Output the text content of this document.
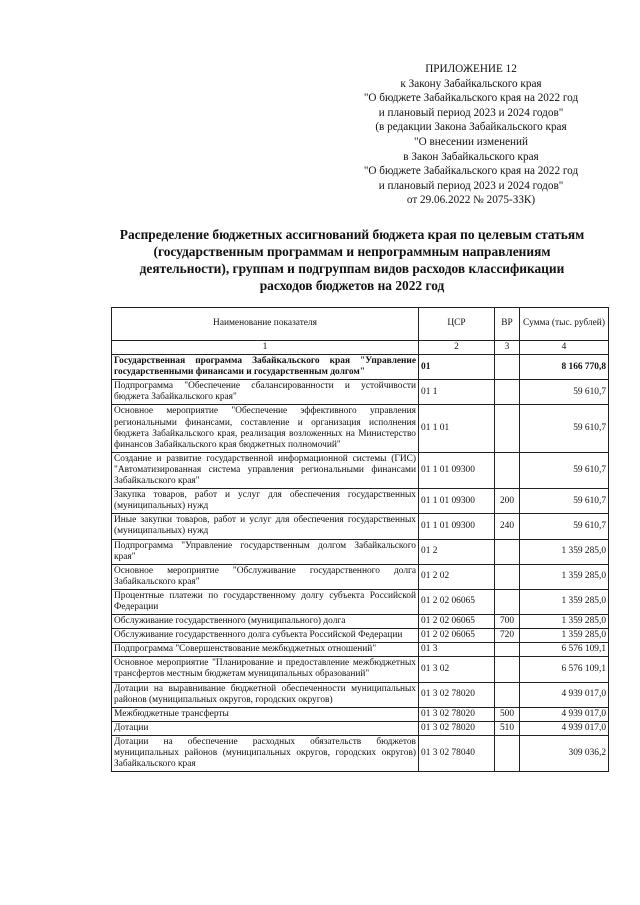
ПРИЛОЖЕНИЕ 12
к Закону Забайкальского края
"О бюджете Забайкальского края на 2022 год
и плановый период 2023 и 2024 годов"
(в редакции Закона Забайкальского края
"О внесении изменений
в Закон Забайкальского края
"О бюджете Забайкальского края на 2022 год
и плановый период 2023 и 2024 годов"
от 29.06.2022 № 2075-ЗЗК)
Распределение бюджетных ассигнований бюджета края по целевым статьям
(государственным программам и непрограммным направлениям
деятельности), группам и подгруппам видов расходов классификации
расходов бюджетов на 2022 год
Наименование показателя	ЦСР	ВР	Сумма (тыс. рублей)
1	2	3	4
Государственная программа Забайкальского края "Управление государственными финансами и государственным долгом"	01		8 166 770,8
Подпрограмма "Обеспечение сбалансированности и устойчивости бюджета Забайкальского края"	01 1		59 610,7
Основное мероприятие "Обеспечение эффективного управления региональными финансами, составление и организация исполнения бюджета Забайкальского края, реализация возложенных на Министерство финансов Забайкальского края бюджетных полномочий"	01 1 01		59 610,7
Создание и развитие государственной информационной системы (ГИС) "Автоматизированная система управления региональными финансами Забайкальского края"	01 1 01 09300		59 610,7
Закупка товаров, работ и услуг для обеспечения государственных (муниципальных) нужд	01 1 01 09300	200	59 610,7
Иные закупки товаров, работ и услуг для обеспечения государственных (муниципальных) нужд	01 1 01 09300	240	59 610,7
Подпрограмма "Управление государственным долгом Забайкальского края"	01 2		1 359 285,0
Основное мероприятие "Обслуживание государственного долга Забайкальского края"	01 2 02		1 359 285,0
Процентные платежи по государственному долгу субъекта Российской Федерации	01 2 02 06065		1 359 285,0
Обслуживание государственного (муниципального) долга	01 2 02 06065	700	1 359 285,0
Обслуживание государственного долга субъекта Российской Федерации	01 2 02 06065	720	1 359 285,0
Подпрограмма "Совершенствование межбюджетных отношений"	01 3		6 576 109,1
Основное мероприятие "Планирование и предоставление межбюджетных трансфертов местным бюджетам муниципальных образований"	01 3 02		6 576 109,1
Дотации на выравнивание бюджетной обеспеченности муниципальных районов (муниципальных округов, городских округов)	01 3 02 78020		4 939 017,0
Межбюджетные трансферты	01 3 02 78020	500	4 939 017,0
Дотации	01 3 02 78020	510	4 939 017,0
Дотации на обеспечение расходных обязательств бюджетов муниципальных районов (муниципальных округов, городских округов) Забайкальского края	01 3 02 78040		309 036,2
